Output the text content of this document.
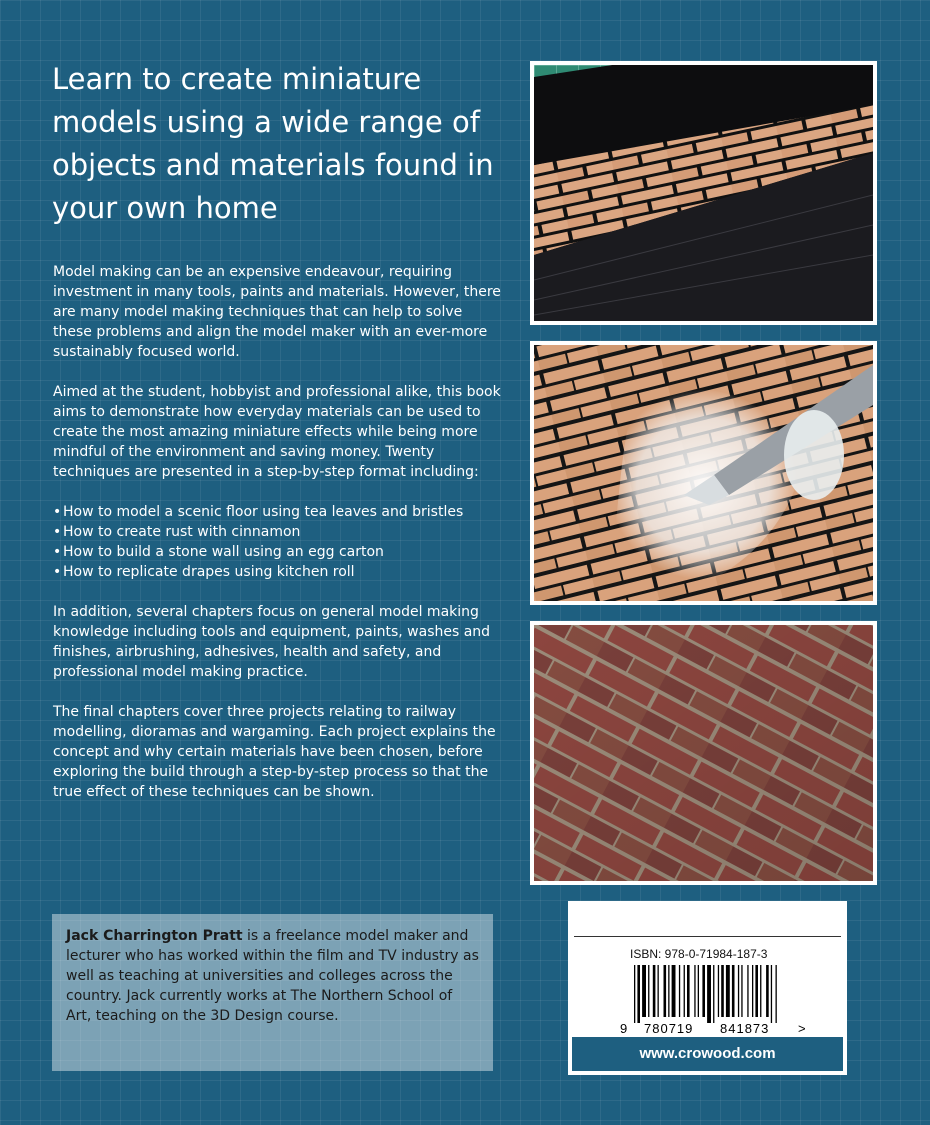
Learn to create miniature models using a wide range of objects and materials found in your own home

Model making can be an expensive endeavour, requiring investment in many tools, paints and materials. However, there are many model making techniques that can help to solve these problems and align the model maker with an ever-more sustainably focused world.

Aimed at the student, hobbyist and professional alike, this book aims to demonstrate how everyday materials can be used to create the most amazing miniature effects while being more mindful of the environment and saving money. Twenty techniques are presented in a step-by-step format including:

• How to model a scenic floor using tea leaves and bristles
• How to create rust with cinnamon
• How to build a stone wall using an egg carton
• How to replicate drapes using kitchen roll

In addition, several chapters focus on general model making knowledge including tools and equipment, paints, washes and finishes, airbrushing, adhesives, health and safety, and professional model making practice.

The final chapters cover three projects relating to railway modelling, dioramas and wargaming. Each project explains the concept and why certain materials have been chosen, before exploring the build through a step-by-step process so that the true effect of these techniques can be shown.

Jack Charrington Pratt is a freelance model maker and lecturer who has worked within the film and TV industry as well as teaching at universities and colleges across the country. Jack currently works at The Northern School of Art, teaching on the 3D Design course.
ISBN: 978-0-71984-187-3
9 780719 841873 >
www.crowood.com
